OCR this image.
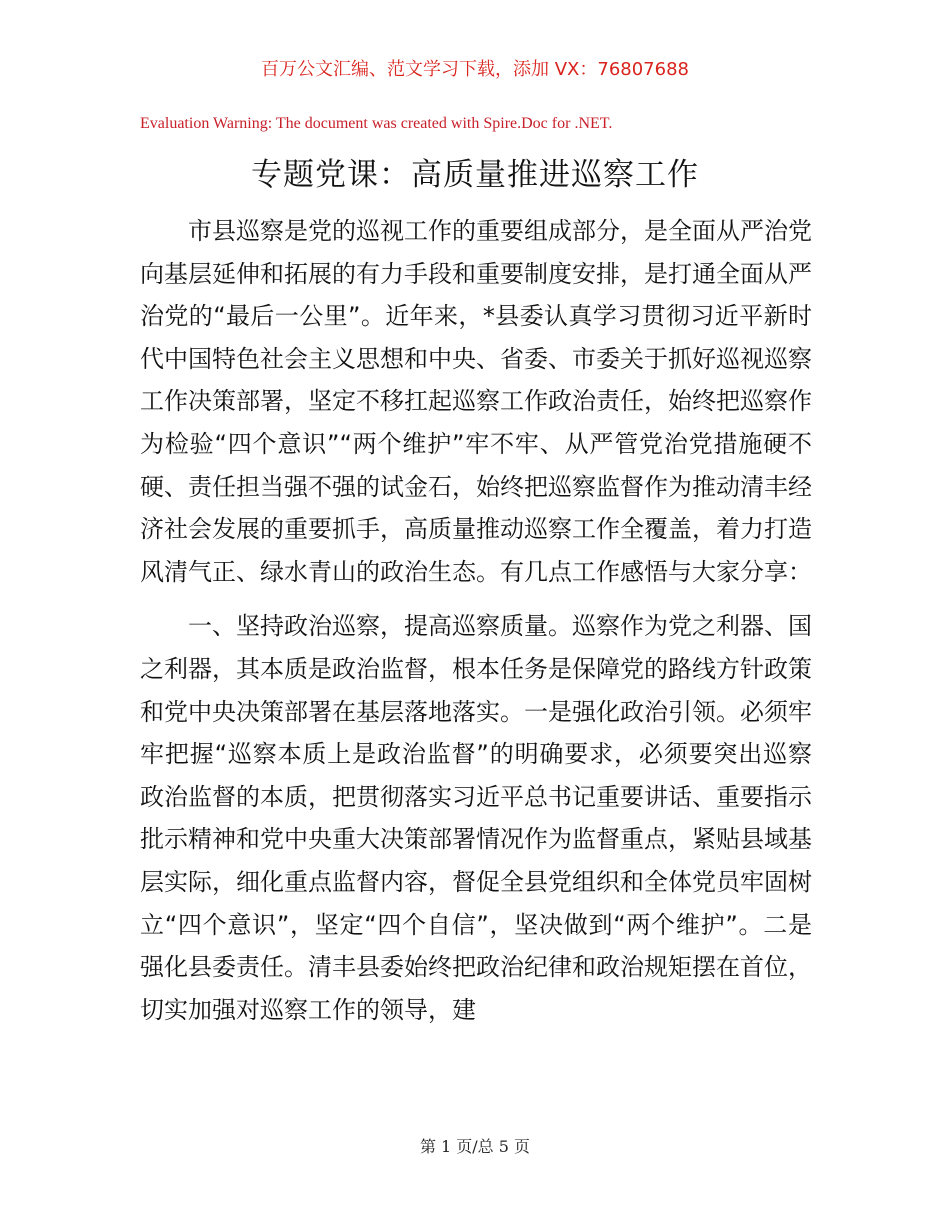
百万公文汇编、范文学习下载，添加 VX：76807688
Evaluation Warning: The document was created with Spire.Doc for .NET.
专题党课：高质量推进巡察工作

市县巡察是党的巡视工作的重要组成部分，是全面从严治党向基层延伸和拓展的有力手段和重要制度安排，是打通全面从严治党的“最后一公里”。近年来，*县委认真学习贯彻习近平新时代中国特色社会主义思想和中央、省委、市委关于抓好巡视巡察工作决策部署，坚定不移扛起巡察工作政治责任，始终把巡察作为检验“四个意识”“两个维护”牢不牢、从严管党治党措施硬不硬、责任担当强不强的试金石，始终把巡察监督作为推动清丰经济社会发展的重要抓手，高质量推动巡察工作全覆盖，着力打造风清气正、绿水青山的政治生态。有几点工作感悟与大家分享：

一、坚持政治巡察，提高巡察质量。巡察作为党之利器、国之利器，其本质是政治监督，根本任务是保障党的路线方针政策和党中央决策部署在基层落地落实。一是强化政治引领。必须牢牢把握“巡察本质上是政治监督”的明确要求，必须要突出巡察政治监督的本质，把贯彻落实习近平总书记重要讲话、重要指示批示精神和党中央重大决策部署情况作为监督重点，紧贴县域基层实际，细化重点监督内容，督促全县党组织和全体党员牢固树立“四个意识”，坚定“四个自信”，坚决做到“两个维护”。二是强化县委责任。清丰县委始终把政治纪律和政治规矩摆在首位，切实加强对巡察工作的领导，建

第 1 页/总 5 页
